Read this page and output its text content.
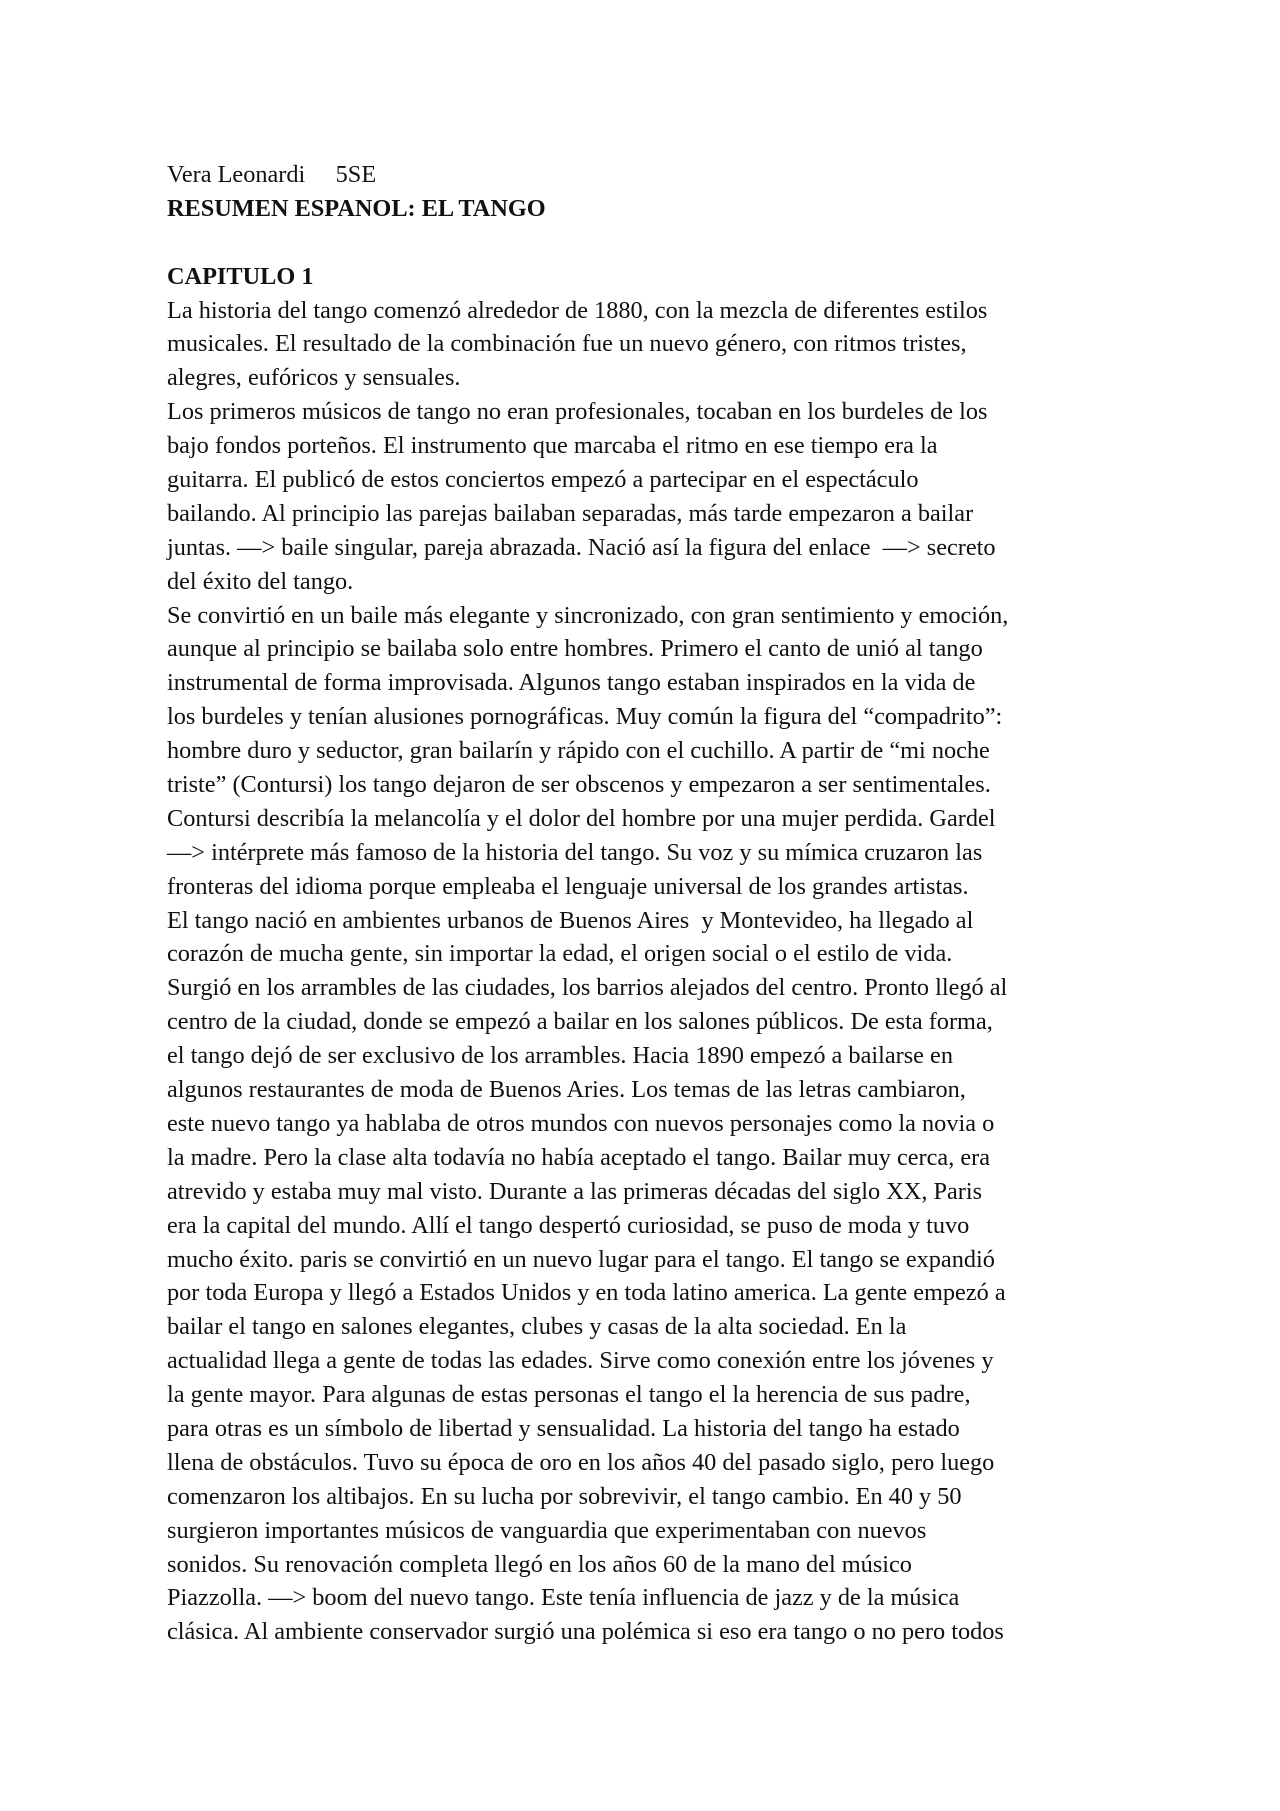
Vera Leonardi     5SE
RESUMEN ESPANOL: EL TANGO
CAPITULO 1
La historia del tango comenzó alrededor de 1880, con la mezcla de diferentes estilos
musicales. El resultado de la combinación fue un nuevo género, con ritmos tristes,
alegres, eufóricos y sensuales.
Los primeros músicos de tango no eran profesionales, tocaban en los burdeles de los
bajo fondos porteños. El instrumento que marcaba el ritmo en ese tiempo era la
guitarra. El publicó de estos conciertos empezó a partecipar en el espectáculo
bailando. Al principio las parejas bailaban separadas, más tarde empezaron a bailar
juntas. —> baile singular, pareja abrazada. Nació así la figura del enlace  —> secreto
del éxito del tango.
Se convirtió en un baile más elegante y sincronizado, con gran sentimiento y emoción,
aunque al principio se bailaba solo entre hombres. Primero el canto de unió al tango
instrumental de forma improvisada. Algunos tango estaban inspirados en la vida de
los burdeles y tenían alusiones pornográficas. Muy común la figura del “compadrito”:
hombre duro y seductor, gran bailarín y rápido con el cuchillo. A partir de “mi noche
triste” (Contursi) los tango dejaron de ser obscenos y empezaron a ser sentimentales.
Contursi describía la melancolía y el dolor del hombre por una mujer perdida. Gardel
—> intérprete más famoso de la historia del tango. Su voz y su mímica cruzaron las
fronteras del idioma porque empleaba el lenguaje universal de los grandes artistas.
El tango nació en ambientes urbanos de Buenos Aires  y Montevideo, ha llegado al
corazón de mucha gente, sin importar la edad, el origen social o el estilo de vida.
Surgió en los arrambles de las ciudades, los barrios alejados del centro. Pronto llegó al
centro de la ciudad, donde se empezó a bailar en los salones públicos. De esta forma,
el tango dejó de ser exclusivo de los arrambles. Hacia 1890 empezó a bailarse en
algunos restaurantes de moda de Buenos Aries. Los temas de las letras cambiaron,
este nuevo tango ya hablaba de otros mundos con nuevos personajes como la novia o
la madre. Pero la clase alta todavía no había aceptado el tango. Bailar muy cerca, era
atrevido y estaba muy mal visto. Durante a las primeras décadas del siglo XX, Paris
era la capital del mundo. Allí el tango despertó curiosidad, se puso de moda y tuvo
mucho éxito. paris se convirtió en un nuevo lugar para el tango. El tango se expandió
por toda Europa y llegó a Estados Unidos y en toda latino america. La gente empezó a
bailar el tango en salones elegantes, clubes y casas de la alta sociedad. En la
actualidad llega a gente de todas las edades. Sirve como conexión entre los jóvenes y
la gente mayor. Para algunas de estas personas el tango el la herencia de sus padre,
para otras es un símbolo de libertad y sensualidad. La historia del tango ha estado
llena de obstáculos. Tuvo su época de oro en los años 40 del pasado siglo, pero luego
comenzaron los altibajos. En su lucha por sobrevivir, el tango cambio. En 40 y 50
surgieron importantes músicos de vanguardia que experimentaban con nuevos
sonidos. Su renovación completa llegó en los años 60 de la mano del músico
Piazzolla. —> boom del nuevo tango. Este tenía influencia de jazz y de la música
clásica. Al ambiente conservador surgió una polémica si eso era tango o no pero todos
